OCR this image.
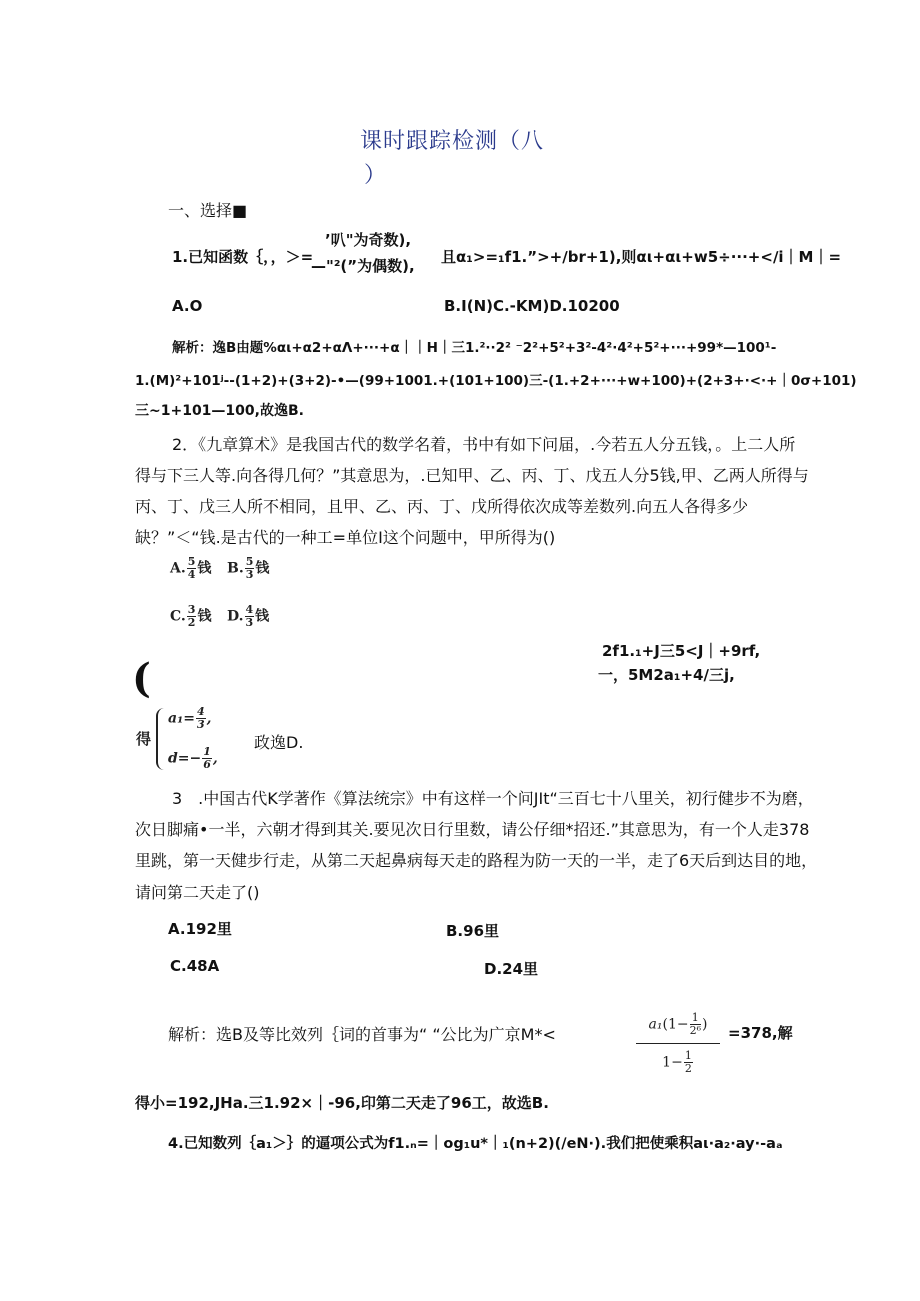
课时跟踪检测（八
）
一、选择■
1.已知函数｛，，＞=
’叭"为奇数),
—"²(”为偶数), 且α₁>=₁f1.”>+∕br+1),则αι+αι+w5÷···+<∕i｜M｜=
A.O	B.I(N)C.-KM)D.10200
解析：逸B由题%αι+α2+αΛ+···+α｜｜H｜三1.²··2² ⁻2²+5²+3²-4²·4²+5²+···+99*—100¹-
1.(M)²+101ʲ--(1+2)+(3+2)-•—(99+1001.+(101+100)三-(1.+2+···+w+100)+(2+3+·<·+｜0σ+101)
三~1+101—100,故逸B.
2．《九章算术》是我国古代的数学名着，书中有如下问届，.今若五人分五钱，。上二人所
得与下三人等.向各得几何？”其意思为，.已知甲、乙、丙、丁、戊五人分5钱,甲、乙两人所得与
丙、丁、戊三人所不相同，且甲、乙、丙、丁、戊所得依次成等差数列.向五人各得多少
缺？”＜“钱.是古代的一种工=单位I这个问题中，甲所得为()
A. $\frac{5}{4}$ 钱 B. $\frac{5}{3}$ 钱
C. $\frac{3}{2}$ 钱 D. $\frac{4}{3}$ 钱
2f1.₁+J三5<J｜+9rf,
一，5M2a₁+4∕三j,
(
得
$a_1= \frac{4}{3}$ ,
$d=- \frac{1}{6}$ ,
政逸D.
3　.中国古代K学著作《算法统宗》中有这样一个问JIt“三百七十八里关，初行健步不为磨，
次日脚痛•一半，六朝才得到其关.要见次日行里数，请公仔细*招还.”其意思为，有一个人走378
里跳，第一天健步行走，从第二天起鼻病每天走的路程为防一天的一半，走了6天后到达目的地，
请问第二天走了()
A.192里	B.96里
C.48A	D.24里
解析：选B及等比效列｛词的首事为“ “公比为广京M*<	$\frac{a_1(1- \frac{1}{\text{2⁶}} )}{1- \frac{1}{2}} =378$,解
得小=192,JHa.三1.92×｜-96,印第二天走了96工，故选B.
4.已知数列｛a₁＞｝的逼项公式为f1.ₙ=｜og₁u*｜₁(n+2)(∕eN·).我们把使乘积aι·a₂·ay·-aₐ
